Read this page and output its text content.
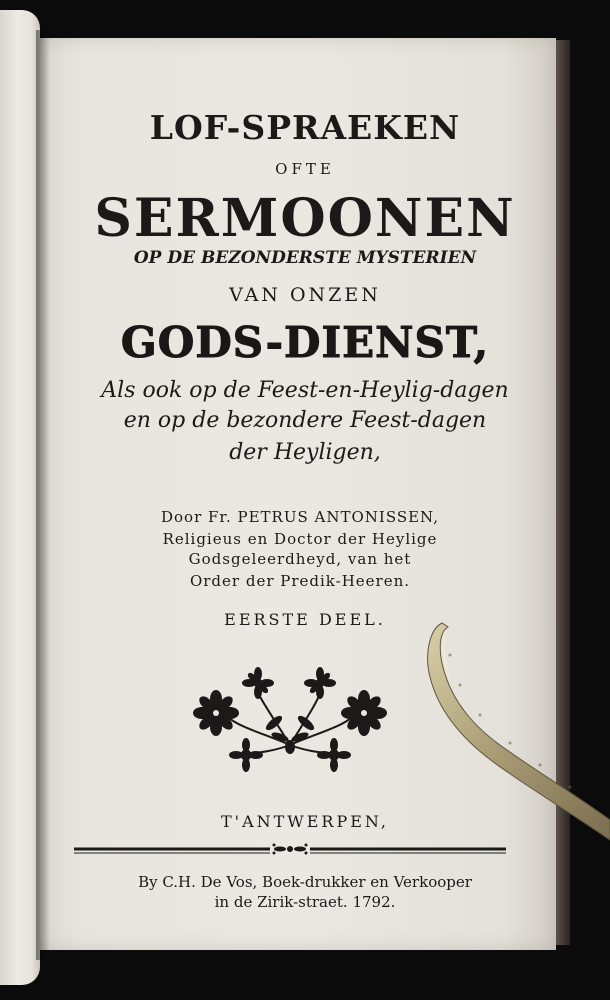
LOF-SPRAEKEN
OFTE
SERMOONEN
OP DE BEZONDERSTE MYSTERIEN
VAN ONZEN
GODS-DIENST,
Als ook op de Feest-en-Heylig-dagen
en op de bezondere Feest-dagen
der Heyligen,
Door Fr. PETRUS ANTONISSEN,
Religieus en Doctor der Heylige
Godsgeleerdheyd, van het
Order der Predik-Heeren.
EERSTE DEEL.
T'ANTWERPEN,
By C.H. De Vos, Boek-drukker en Verkooper
in de Zirik-straet. 1792.
